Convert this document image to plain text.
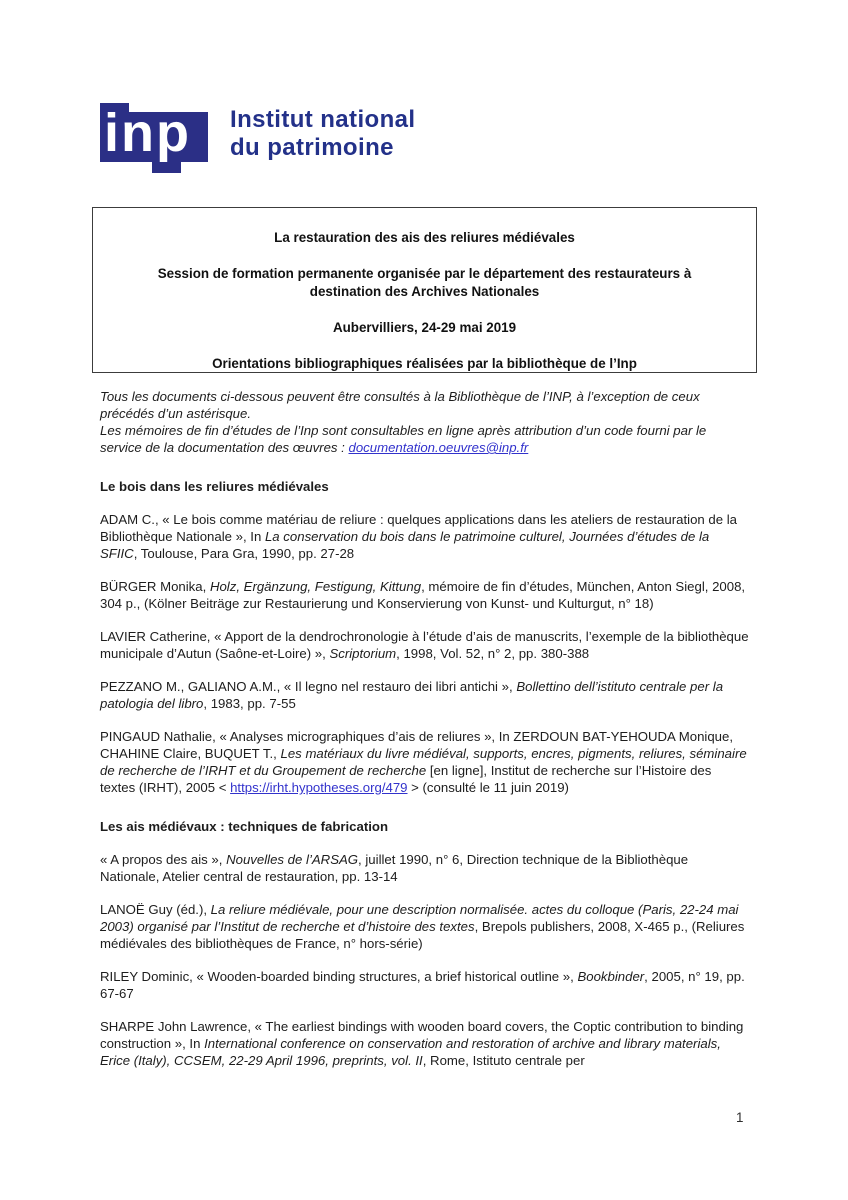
inp Institut national
du patrimoine

La restauration des ais des reliures médiévales

Session de formation permanente organisée par le département des restaurateurs à destination des Archives Nationales

Aubervilliers, 24-29 mai 2019

Orientations bibliographiques réalisées par la bibliothèque de l’Inp

Tous les documents ci-dessous peuvent être consultés à la Bibliothèque de l’INP, à l’exception de ceux précédés d’un astérisque.
Les mémoires de fin d’études de l’Inp sont consultables en ligne après attribution d’un code fourni par le service de la documentation des œuvres : documentation.oeuvres@inp.fr

Le bois dans les reliures médiévales

ADAM C., « Le bois comme matériau de reliure : quelques applications dans les ateliers de restauration de la Bibliothèque Nationale », In La conservation du bois dans le patrimoine culturel, Journées d’études de la SFIIC, Toulouse, Para Gra, 1990, pp. 27-28

BÜRGER Monika, Holz, Ergänzung, Festigung, Kittung, mémoire de fin d’études, München, Anton Siegl, 2008, 304 p., (Kölner Beiträge zur Restaurierung und Konservierung von Kunst- und Kulturgut, n° 18)

LAVIER Catherine, « Apport de la dendrochronologie à l’étude d’ais de manuscrits, l’exemple de la bibliothèque municipale d’Autun (Saône-et-Loire) », Scriptorium, 1998, Vol. 52, n° 2, pp. 380-388

PEZZANO M., GALIANO A.M., « Il legno nel restauro dei libri antichi », Bollettino dell’istituto centrale per la patologia del libro, 1983, pp. 7-55

PINGAUD Nathalie, « Analyses micrographiques d’ais de reliures », In ZERDOUN BAT-YEHOUDA Monique, CHAHINE Claire, BUQUET T., Les matériaux du livre médiéval, supports, encres, pigments, reliures, séminaire de recherche de l’IRHT et du Groupement de recherche [en ligne], Institut de recherche sur l’Histoire des textes (IRHT), 2005 < https://irht.hypotheses.org/479 > (consulté le 11 juin 2019)

Les ais médiévaux : techniques de fabrication

« A propos des ais », Nouvelles de l’ARSAG, juillet 1990, n° 6, Direction technique de la Bibliothèque Nationale, Atelier central de restauration, pp. 13-14

LANOË Guy (éd.), La reliure médiévale, pour une description normalisée. actes du colloque (Paris, 22-24 mai 2003) organisé par l’Institut de recherche et d’histoire des textes, Brepols publishers, 2008, X-465 p., (Reliures médiévales des bibliothèques de France, n° hors-série)

RILEY Dominic, « Wooden-boarded binding structures, a brief historical outline », Bookbinder, 2005, n° 19, pp. 67-67

SHARPE John Lawrence, « The earliest bindings with wooden board covers, the Coptic contribution to binding construction », In International conference on conservation and restoration of archive and library materials, Erice (Italy), CCSEM, 22-29 April 1996, preprints, vol. II, Rome, Istituto centrale per

1
